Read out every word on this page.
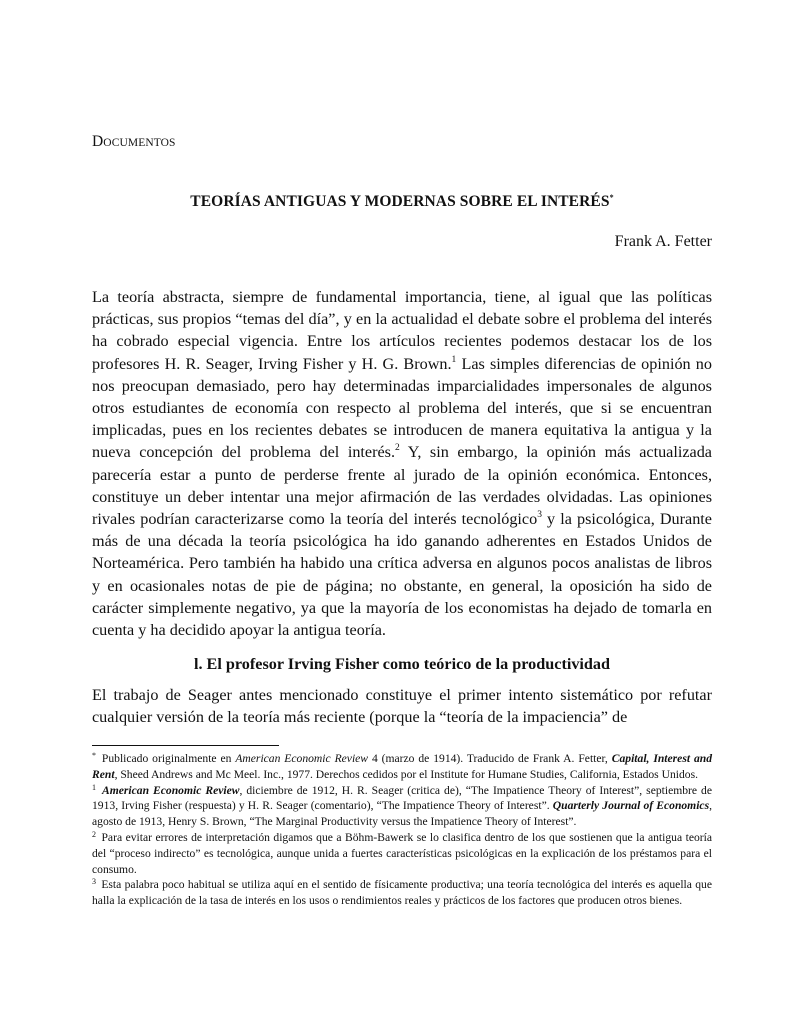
DOCUMENTOS
TEORÍAS ANTIGUAS Y MODERNAS SOBRE EL INTERÉS*
Frank A. Fetter

La teoría abstracta, siempre de fundamental importancia, tiene, al igual que las políticas prácticas, sus propios “temas del día”, y en la actualidad el debate sobre el problema del interés ha cobrado especial vigencia. Entre los artículos recientes podemos destacar los de los profesores H. R. Seager, Irving Fisher y H. G. Brown.$^1$ Las simples diferencias de opinión no nos preocupan demasiado, pero hay determinadas imparcialidades impersonales de algunos otros estudiantes de economía con respecto al problema del interés, que si se encuentran implicadas, pues en los recientes debates se introducen de manera equitativa la antigua y la nueva concepción del problema del interés.$^2$ Y, sin embargo, la opinión más actualizada parecería estar a punto de perderse frente al jurado de la opinión económica. Entonces, constituye un deber intentar una mejor afirmación de las verdades olvidadas. Las opiniones rivales podrían caracterizarse como la teoría del interés tecnológico$^3$ y la psicológica, Durante más de una década la teoría psicológica ha ido ganando adherentes en Estados Unidos de Norteamérica. Pero también ha habido una crítica adversa en algunos pocos analistas de libros y en ocasionales notas de pie de página; no obstante, en general, la oposición ha sido de carácter simplemente negativo, ya que la mayoría de los economistas ha dejado de tomarla en cuenta y ha decidido apoyar la antigua teoría.

l. El profesor Irving Fisher como teórico de la productividad

El trabajo de Seager antes mencionado constituye el primer intento sistemático por refutar cualquier versión de la teoría más reciente (porque la “teoría de la impaciencia” de

* Publicado originalmente en American Economic Review 4 (marzo de 1914). Traducido de Frank A. Fetter, Capital, Interest and Rent, Sheed Andrews and Mc Meel. Inc., 1977. Derechos cedidos por el Institute for Humane Studies, California, Estados Unidos.

$^1$ American Economic Review, diciembre de 1912, H. R. Seager (critica de), “The Impatience Theory of Interest”, septiembre de 1913, Irving Fisher (respuesta) y H. R. Seager (comentario), “The Impatience Theory of Interest”. Quarterly Journal of Economics, agosto de 1913, Henry S. Brown, “The Marginal Productivity versus the Impatience Theory of Interest”.

$^2$ Para evitar errores de interpretación digamos que a Böhm-Bawerk se lo clasifica dentro de los que sostienen que la antigua teoría del “proceso indirecto” es tecnológica, aunque unida a fuertes características psicológicas en la explicación de los préstamos para el consumo.

$^3$ Esta palabra poco habitual se utiliza aquí en el sentido de físicamente productiva; una teoría tecnológica del interés es aquella que halla la explicación de la tasa de interés en los usos o rendimientos reales y prácticos de los factores que producen otros bienes.
